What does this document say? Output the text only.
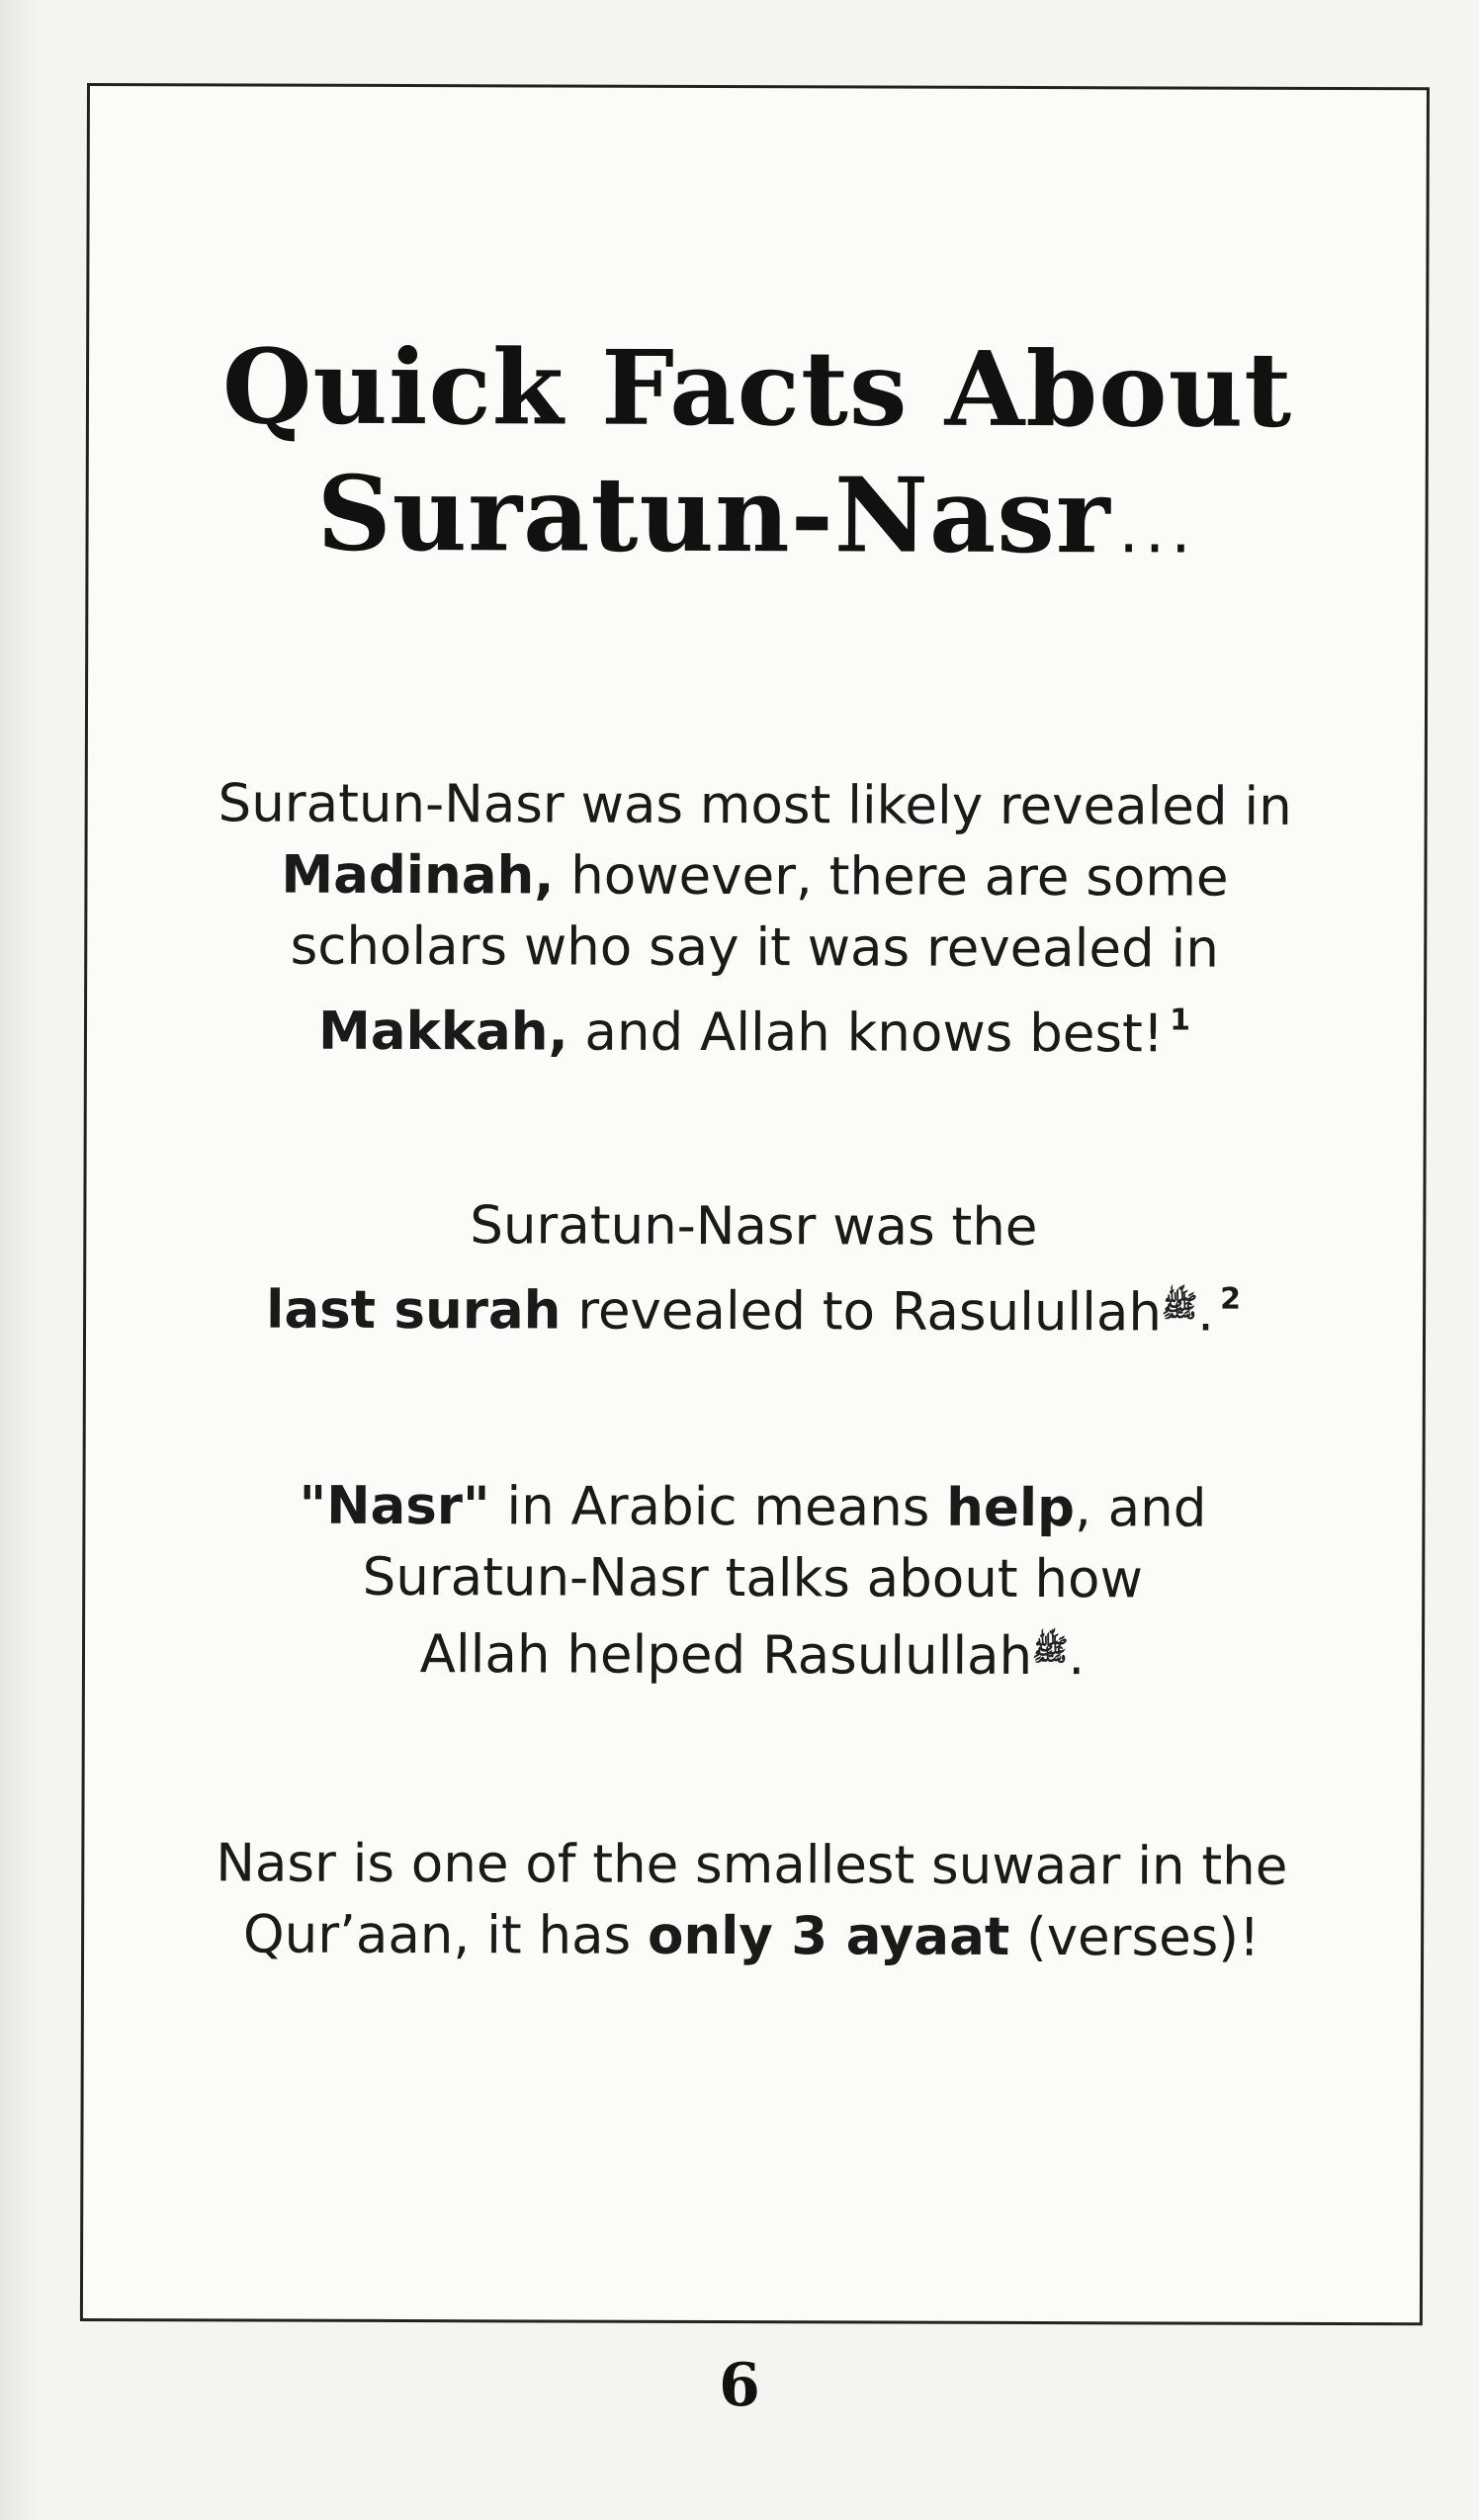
Quick Facts About
Suratun-Nasr ...
Suratun-Nasr was most likely revealed in
Madinah, however, there are some
scholars who say it was revealed in
Makkah, and Allah knows best! $^1$
Suratun-Nasr was the
last surah revealed to Rasulullahﷺ. $^2$
"Nasr" in Arabic means help, and
Suratun-Nasr talks about how
Allah helped Rasulullahﷺ.
Nasr is one of the smallest suwaar in the
Qur’aan, it has only 3 ayaat (verses)!
6
